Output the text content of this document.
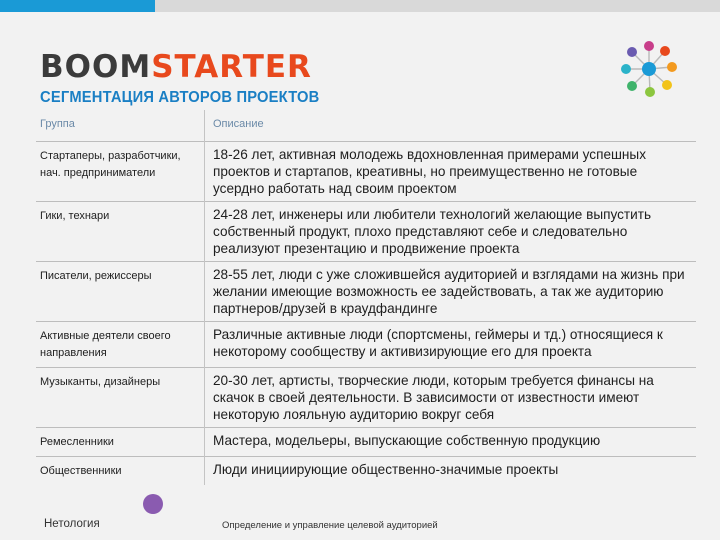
BOOMSTARTER
СЕГМЕНТАЦИЯ АВТОРОВ ПРОЕКТОВ
Группа	Описание
Стартаперы, разработчики, нач. предприниматели	18-26 лет, активная молодежь вдохновленная примерами успешных проектов и стартапов, креативны, но преимущественно не готовые усердно работать над своим проектом
Гики, технари	24-28 лет, инженеры или любители технологий желающие выпустить собственный продукт, плохо представляют себе и следовательно реализуют презентацию и продвижение проекта
Писатели, режиссеры	28-55 лет, люди с уже сложившейся аудиторией и взглядами на жизнь при желании имеющие возможность ее задействовать, а так же аудиторию партнеров/друзей в краудфандинге
Активные деятели своего направления	Различные активные люди (спортсмены, геймеры и тд.) относящиеся к некоторому сообществу и активизирующие его для проекта
Музыканты, дизайнеры	20-30 лет, артисты, творческие люди, которым требуется финансы на скачок в своей деятельности. В зависимости от известности имеют некоторую лояльную аудиторию вокруг себя
Ремесленники	Мастера, модельеры, выпускающие собственную продукцию
Общественники	Люди инициирующие общественно-значимые проекты
Нетология	Определение и управление целевой аудиторией
